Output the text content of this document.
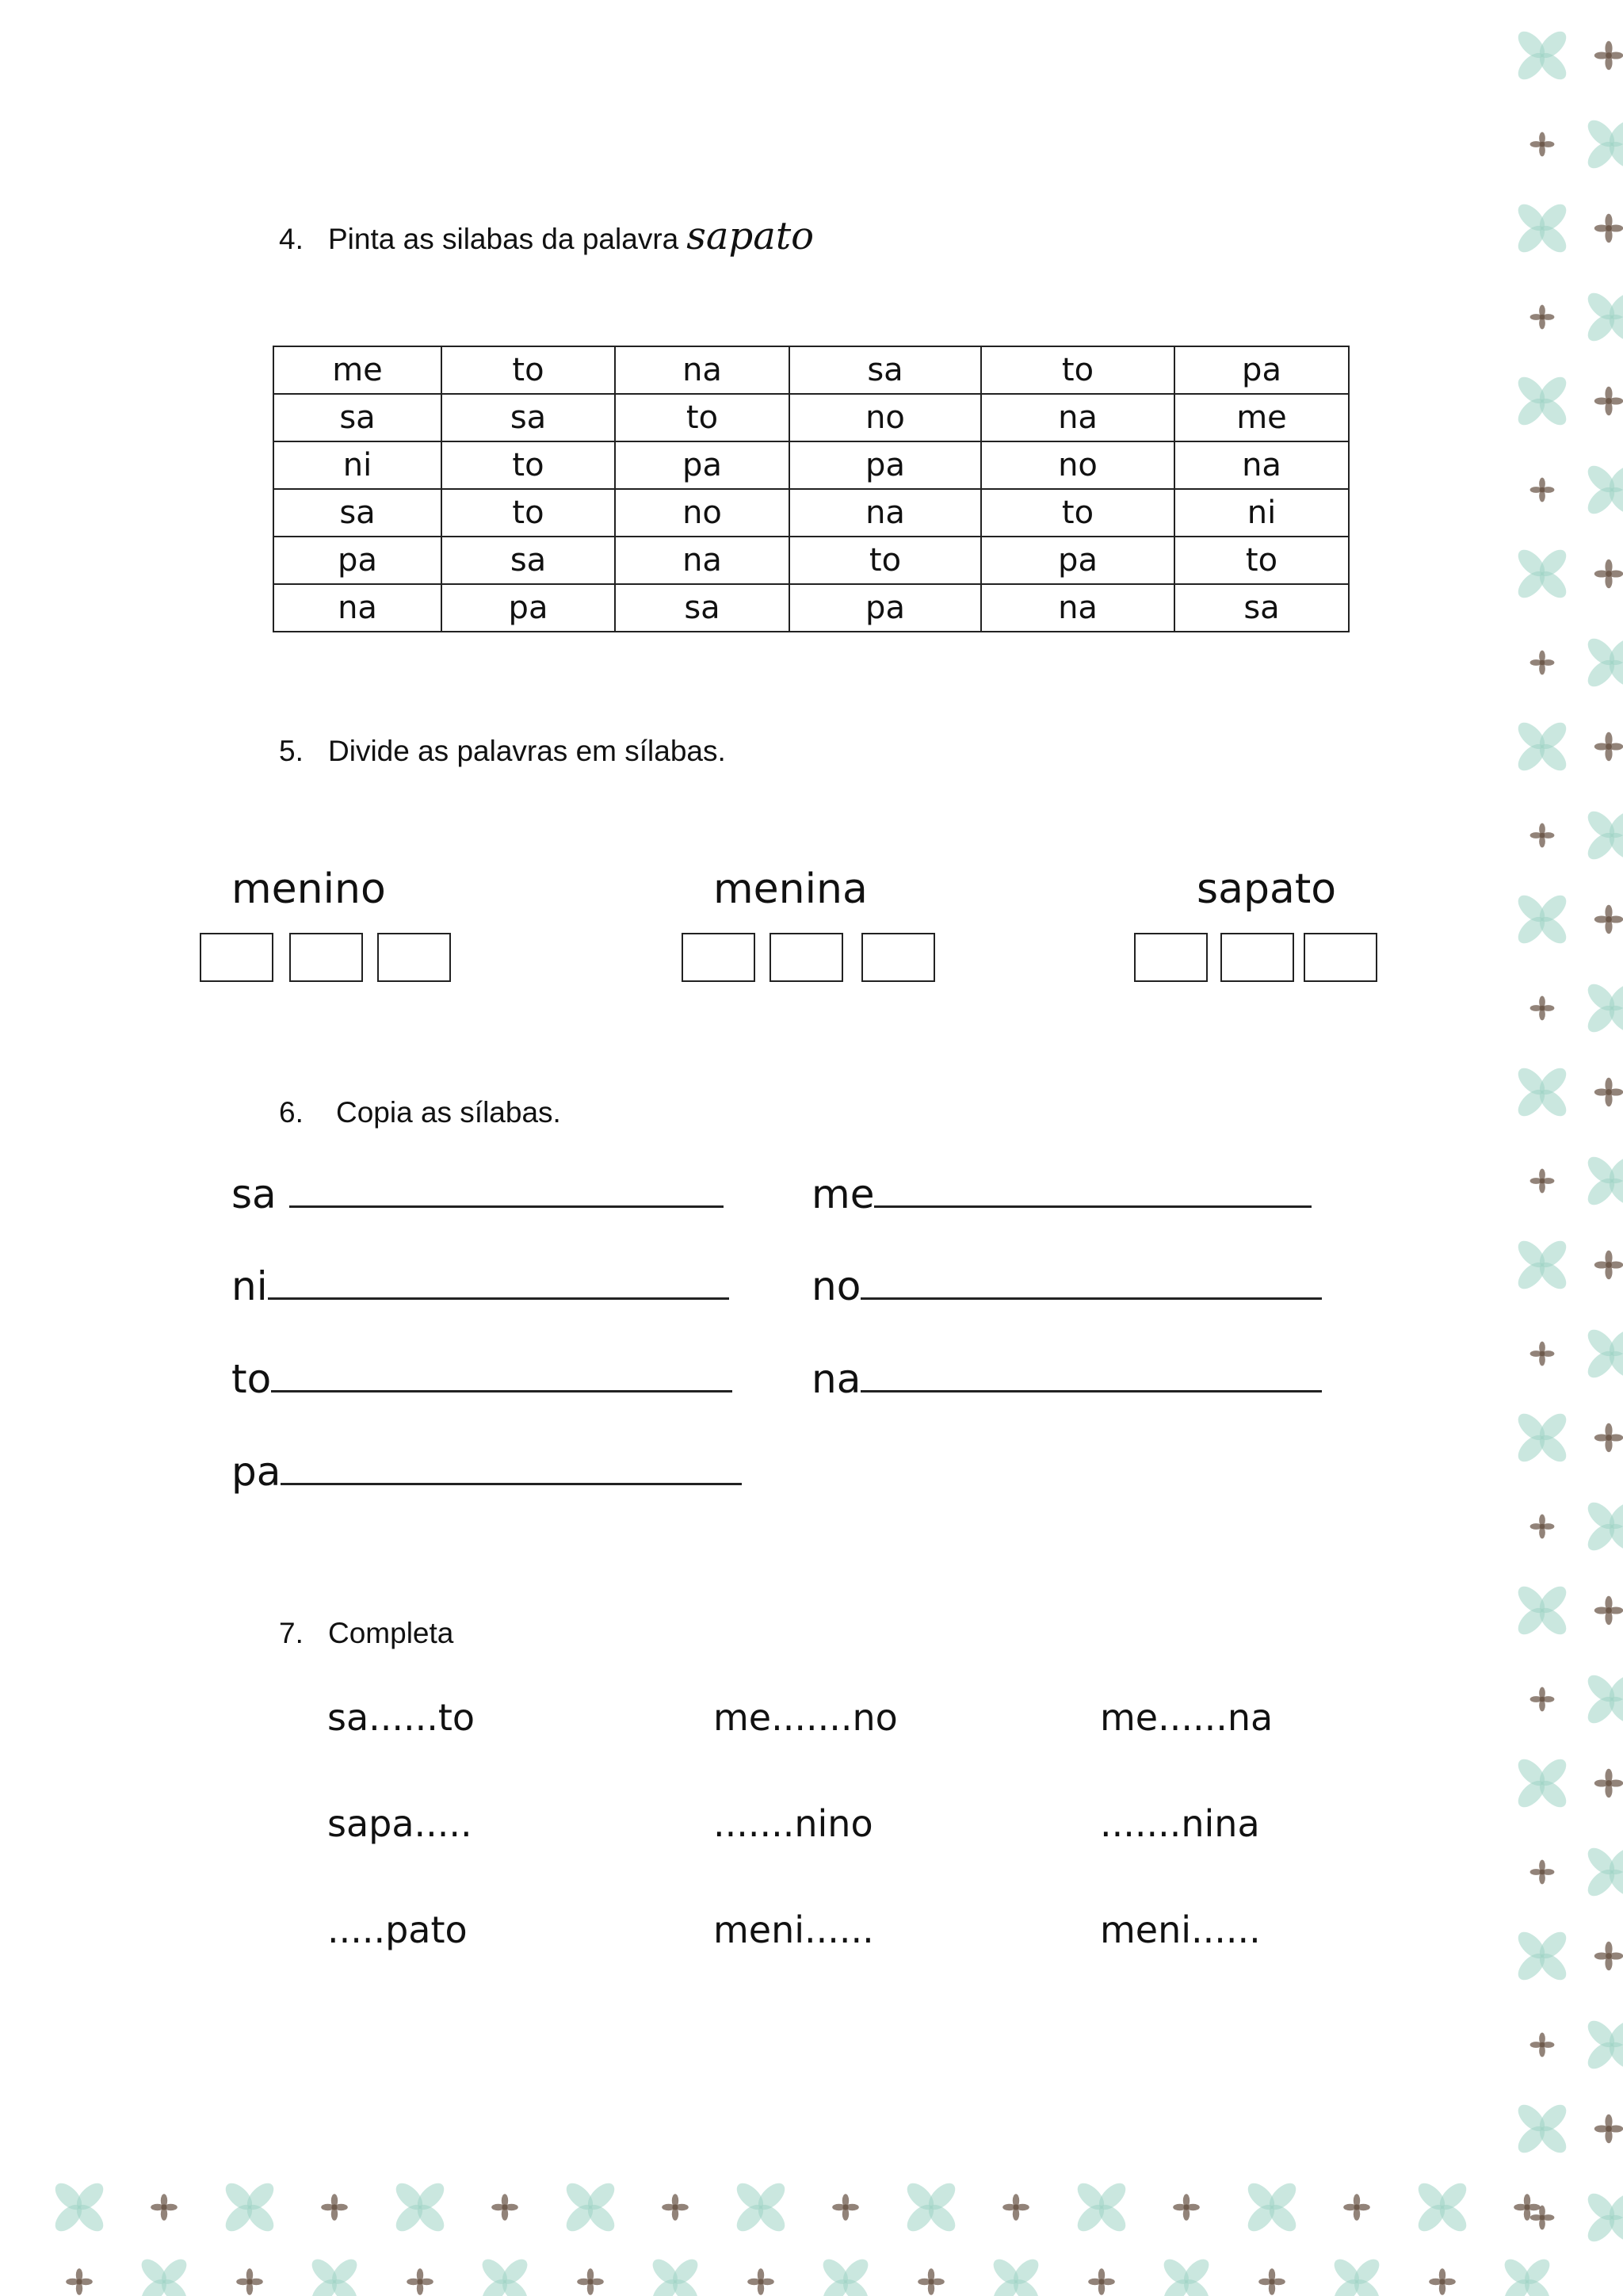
4. Pinta as silabas da palavra sapato
me	to	na	sa	to	pa
sa	sa	to	no	na	me
ni	to	pa	pa	no	na
sa	to	no	na	to	ni
pa	sa	na	to	pa	to
na	pa	sa	pa	na	sa
5. Divide as palavras em sílabas.
menino	menina	sapato
6. Copia as sílabas.
sa	me
ni	no
to	na
pa
7. Completa
sa......to	me.......no	me......na
sapa.....	.......nino	.......nina
.....pato	meni......	meni......
